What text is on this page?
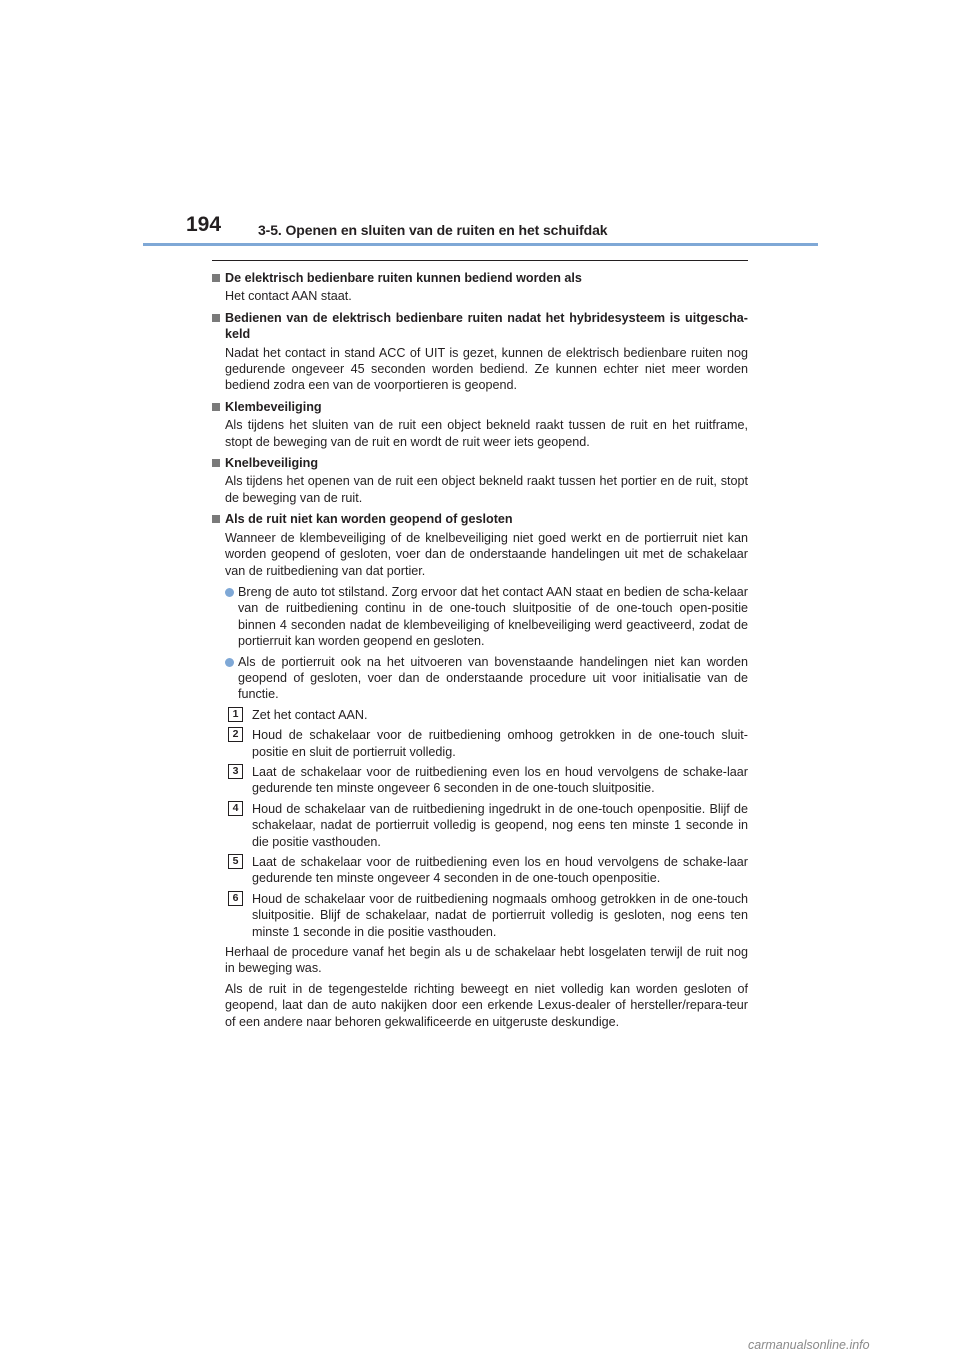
194	3-5. Openen en sluiten van de ruiten en het schuifdak
De elektrisch bedienbare ruiten kunnen bediend worden als
Het contact AAN staat.
Bedienen van de elektrisch bedienbare ruiten nadat het hybridesysteem is uitgescha-keld
Nadat het contact in stand ACC of UIT is gezet, kunnen de elektrisch bedienbare ruiten nog gedurende ongeveer 45 seconden worden bediend. Ze kunnen echter niet meer worden bediend zodra een van de voorportieren is geopend.
Klembeveiliging
Als tijdens het sluiten van de ruit een object bekneld raakt tussen de ruit en het ruitframe, stopt de beweging van de ruit en wordt de ruit weer iets geopend.
Knelbeveiliging
Als tijdens het openen van de ruit een object bekneld raakt tussen het portier en de ruit, stopt de beweging van de ruit.
Als de ruit niet kan worden geopend of gesloten
Wanneer de klembeveiliging of de knelbeveiliging niet goed werkt en de portierruit niet kan worden geopend of gesloten, voer dan de onderstaande handelingen uit met de schakelaar van de ruitbediening van dat portier.
Breng de auto tot stilstand. Zorg ervoor dat het contact AAN staat en bedien de scha-kelaar van de ruitbediening continu in de one-touch sluitpositie of de one-touch open-positie binnen 4 seconden nadat de klembeveiliging of knelbeveiliging werd geactiveerd, zodat de portierruit kan worden geopend en gesloten.
Als de portierruit ook na het uitvoeren van bovenstaande handelingen niet kan worden geopend of gesloten, voer dan de onderstaande procedure uit voor initialisatie van de functie.
1	Zet het contact AAN.
2	Houd de schakelaar voor de ruitbediening omhoog getrokken in de one-touch sluit-positie en sluit de portierruit volledig.
3	Laat de schakelaar voor de ruitbediening even los en houd vervolgens de schake-laar gedurende ten minste ongeveer 6 seconden in de one-touch sluitpositie.
4	Houd de schakelaar van de ruitbediening ingedrukt in de one-touch openpositie. Blijf de schakelaar, nadat de portierruit volledig is geopend, nog eens ten minste 1 seconde in die positie vasthouden.
5	Laat de schakelaar voor de ruitbediening even los en houd vervolgens de schake-laar gedurende ten minste ongeveer 4 seconden in de one-touch openpositie.
6	Houd de schakelaar voor de ruitbediening nogmaals omhoog getrokken in de one-touch sluitpositie. Blijf de schakelaar, nadat de portierruit volledig is gesloten, nog eens ten minste 1 seconde in die positie vasthouden.
Herhaal de procedure vanaf het begin als u de schakelaar hebt losgelaten terwijl de ruit nog in beweging was.
Als de ruit in de tegengestelde richting beweegt en niet volledig kan worden gesloten of geopend, laat dan de auto nakijken door een erkende Lexus-dealer of hersteller/repara-teur of een andere naar behoren gekwalificeerde en uitgeruste deskundige.
carmanualsonline.info
